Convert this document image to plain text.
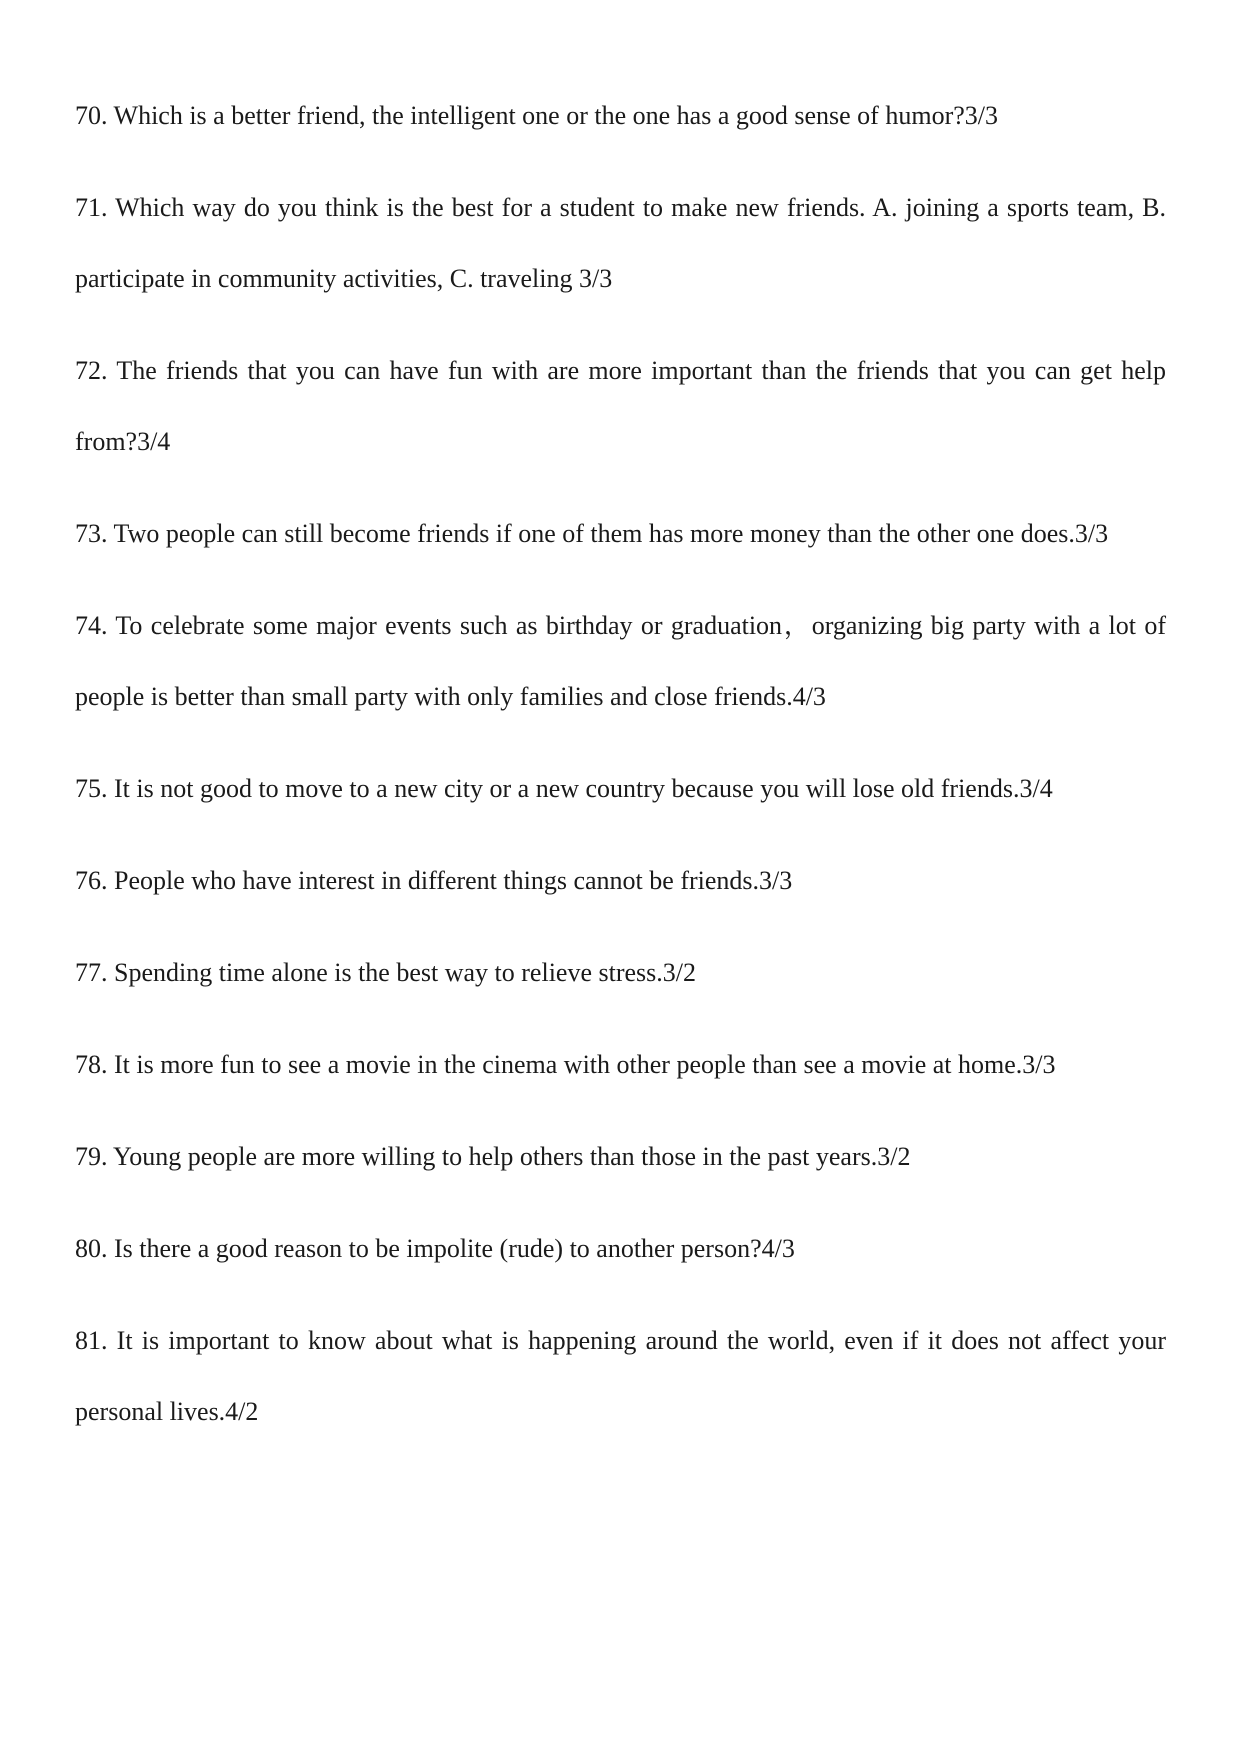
70. Which is a better friend, the intelligent one or the one has a good sense of humor?3/3

71. Which way do you think is the best for a student to make new friends. A. joining a sports team, B. participate in community activities, C. traveling 3/3

72. The friends that you can have fun with are more important than the friends that you can get help from?3/4

73. Two people can still become friends if one of them has more money than the other one does.3/3

74. To celebrate some major events such as birthday or graduation，organizing big party with a lot of people is better than small party with only families and close friends.4/3

75. It is not good to move to a new city or a new country because you will lose old friends.3/4

76. People who have interest in different things cannot be friends.3/3

77. Spending time alone is the best way to relieve stress.3/2

78. It is more fun to see a movie in the cinema with other people than see a movie at home.3/3

79. Young people are more willing to help others than those in the past years.3/2

80. Is there a good reason to be impolite (rude) to another person?4/3

81. It is important to know about what is happening around the world, even if it does not affect your personal lives.4/2
